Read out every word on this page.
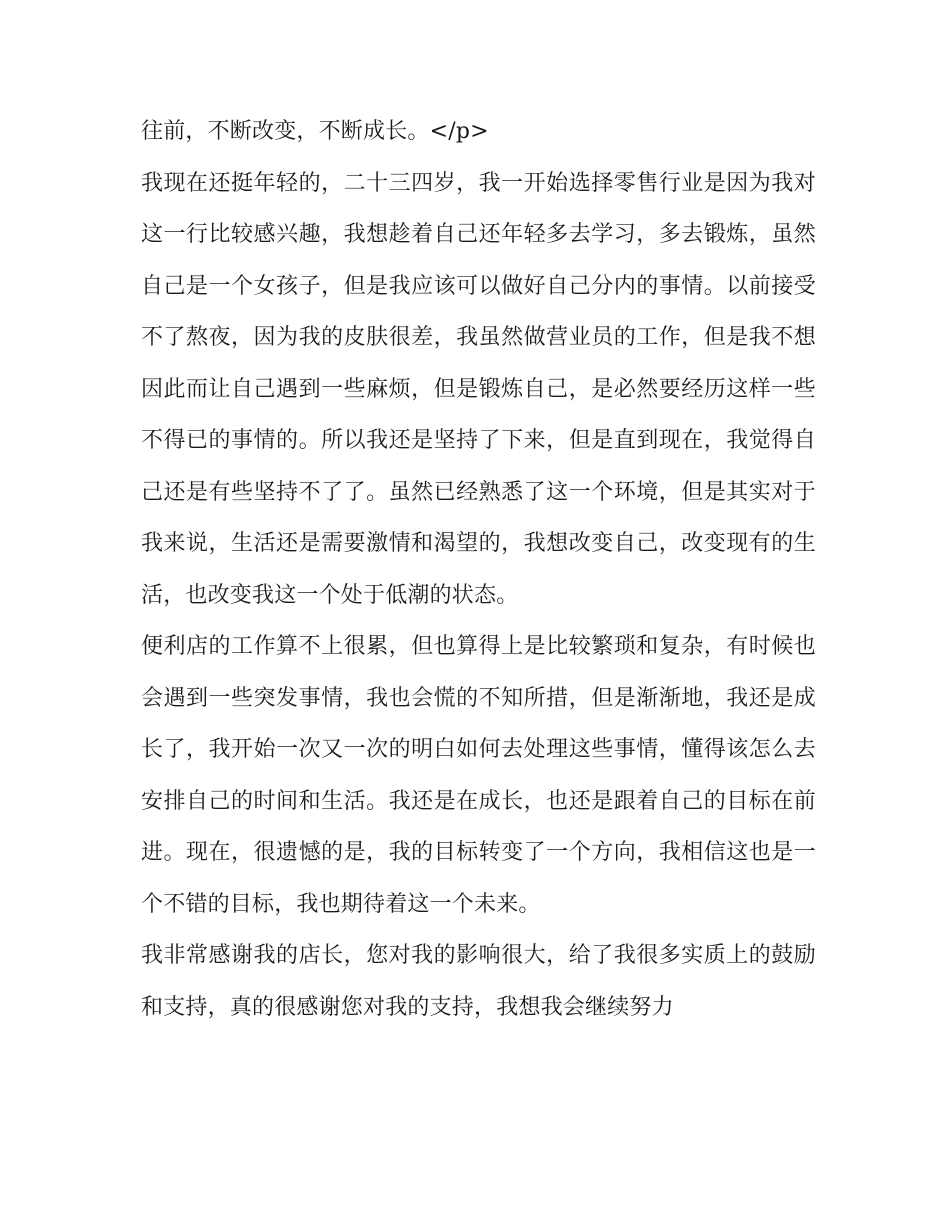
往前，不断改变，不断成长。</p>

我现在还挺年轻的，二十三四岁，我一开始选择零售行业是因为我对这一行比较感兴趣，我想趁着自己还年轻多去学习，多去锻炼，虽然自己是一个女孩子，但是我应该可以做好自己分内的事情。以前接受不了熬夜，因为我的皮肤很差，我虽然做营业员的工作，但是我不想因此而让自己遇到一些麻烦，但是锻炼自己，是必然要经历这样一些不得已的事情的。所以我还是坚持了下来，但是直到现在，我觉得自己还是有些坚持不了了。虽然已经熟悉了这一个环境，但是其实对于我来说，生活还是需要激情和渴望的，我想改变自己，改变现有的生活，也改变我这一个处于低潮的状态。

便利店的工作算不上很累，但也算得上是比较繁琐和复杂，有时候也会遇到一些突发事情，我也会慌的不知所措，但是渐渐地，我还是成长了，我开始一次又一次的明白如何去处理这些事情，懂得该怎么去安排自己的时间和生活。我还是在成长，也还是跟着自己的目标在前进。现在，很遗憾的是，我的目标转变了一个方向，我相信这也是一个不错的目标，我也期待着这一个未来。

我非常感谢我的店长，您对我的影响很大，给了我很多实质上的鼓励和支持，真的很感谢您对我的支持，我想我会继续努力
